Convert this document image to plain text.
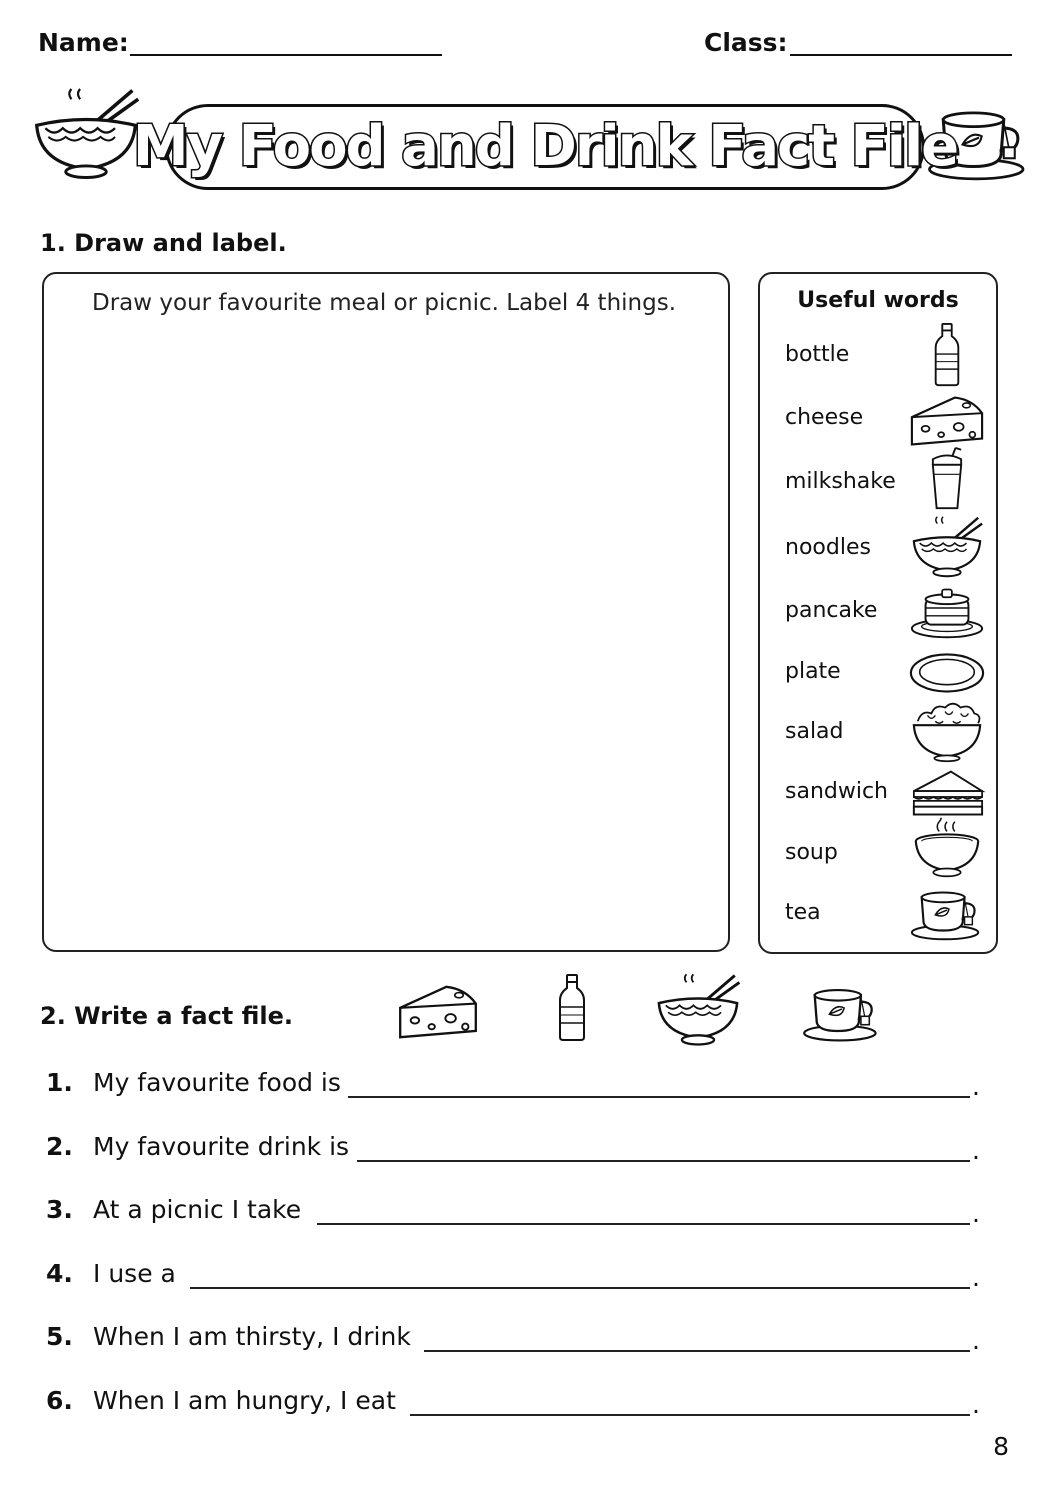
Name:	Class:
My Food and Drink Fact File
1. Draw and label.
Draw your favourite meal or picnic. Label 4 things.	Useful words
bottle
cheese
milkshake
noodles
pancake
plate
salad
sandwich
soup
tea
2. Write a fact file.
1. My favourite food is	.
2. My favourite drink is	.
3. At a picnic I take	.
4. I use a	.
5. When I am thirsty, I drink	.
6. When I am hungry, I eat	.
8
